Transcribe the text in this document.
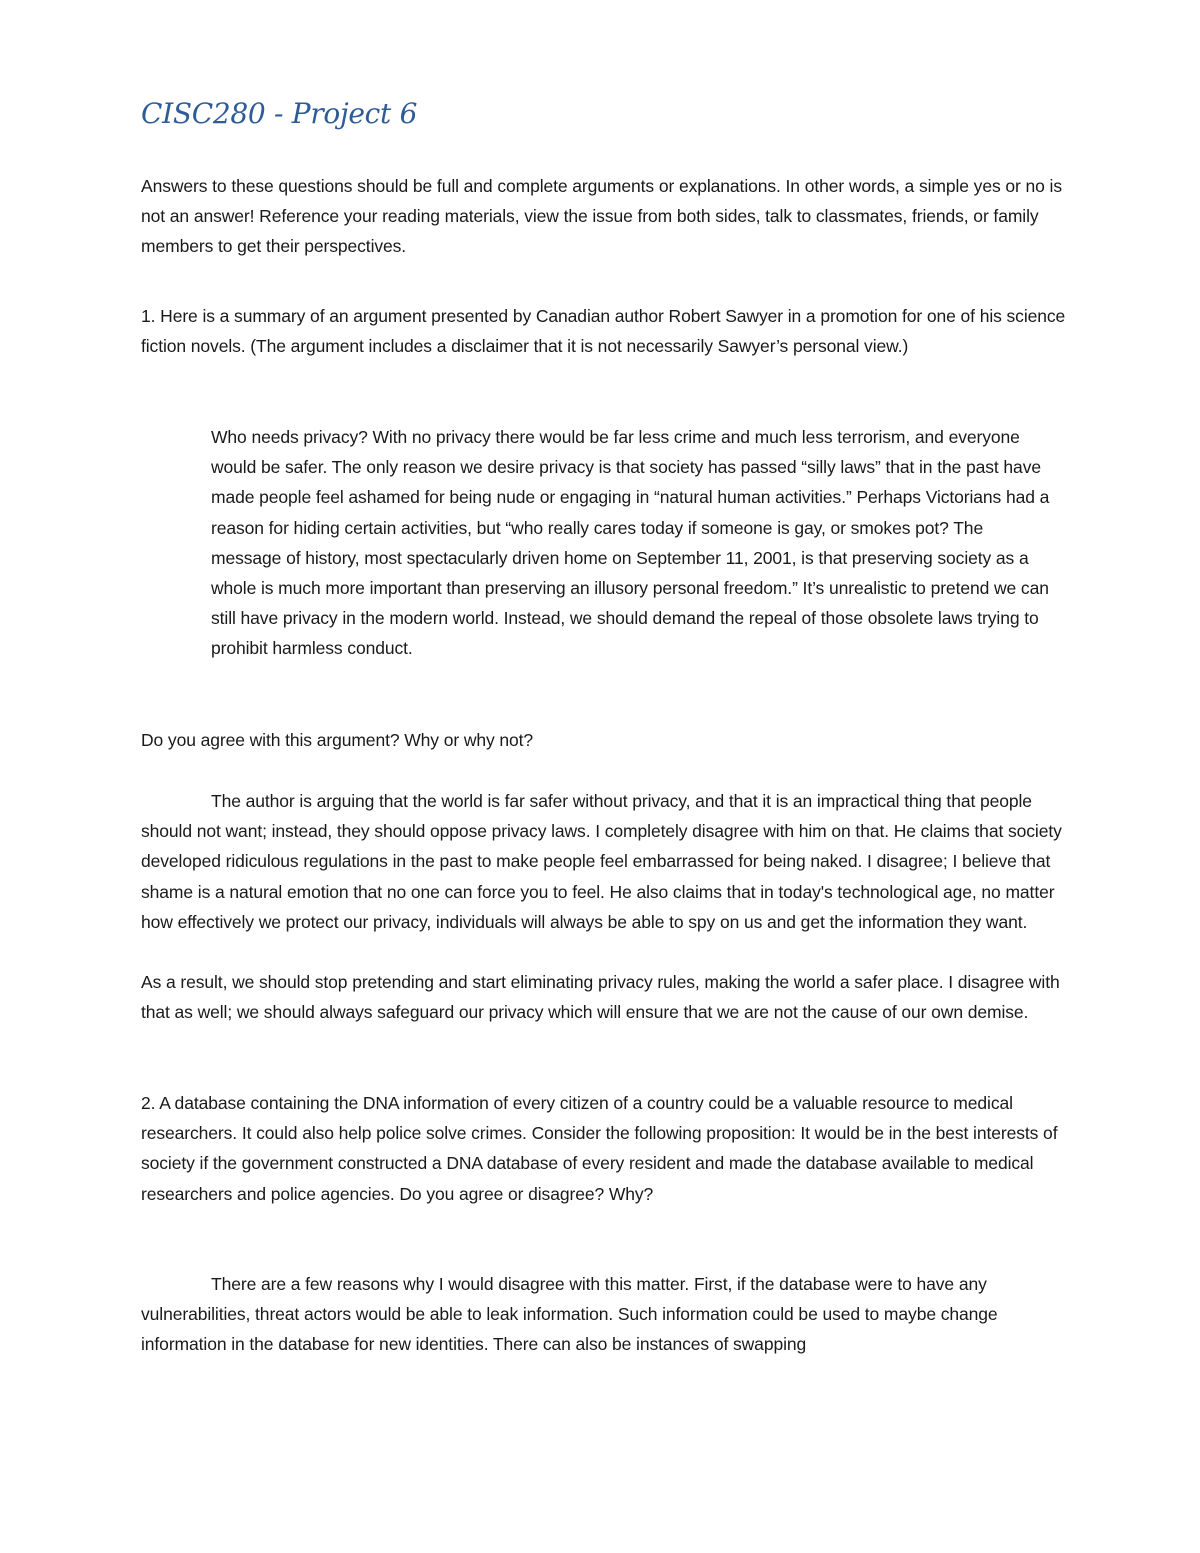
CISC280 - Project 6

Answers to these questions should be full and complete arguments or explanations. In other words, a simple yes or no is not an answer! Reference your reading materials, view the issue from both sides, talk to classmates, friends, or family members to get their perspectives.

1. Here is a summary of an argument presented by Canadian author Robert Sawyer in a promotion for one of his science fiction novels. (The argument includes a disclaimer that it is not necessarily Sawyer’s personal view.)

Who needs privacy? With no privacy there would be far less crime and much less terrorism, and everyone would be safer. The only reason we desire privacy is that society has passed “silly laws” that in the past have made people feel ashamed for being nude or engaging in “natural human activities.” Perhaps Victorians had a reason for hiding certain activities, but “who really cares today if someone is gay, or smokes pot? The message of history, most spectacularly driven home on September 11, 2001, is that preserving society as a whole is much more important than preserving an illusory personal freedom.” It’s unrealistic to pretend we can still have privacy in the modern world. Instead, we should demand the repeal of those obsolete laws trying to prohibit harmless conduct.

Do you agree with this argument? Why or why not?

The author is arguing that the world is far safer without privacy, and that it is an impractical thing that people should not want; instead, they should oppose privacy laws. I completely disagree with him on that. He claims that society developed ridiculous regulations in the past to make people feel embarrassed for being naked. I disagree; I believe that shame is a natural emotion that no one can force you to feel. He also claims that in today's technological age, no matter how effectively we protect our privacy, individuals will always be able to spy on us and get the information they want.

As a result, we should stop pretending and start eliminating privacy rules, making the world a safer place. I disagree with that as well; we should always safeguard our privacy which will ensure that we are not the cause of our own demise.

2. A database containing the DNA information of every citizen of a country could be a valuable resource to medical researchers. It could also help police solve crimes. Consider the following proposition: It would be in the best interests of society if the government constructed a DNA database of every resident and made the database available to medical researchers and police agencies. Do you agree or disagree? Why?

There are a few reasons why I would disagree with this matter. First, if the database were to have any vulnerabilities, threat actors would be able to leak information. Such information could be used to maybe change information in the database for new identities. There can also be instances of swapping
